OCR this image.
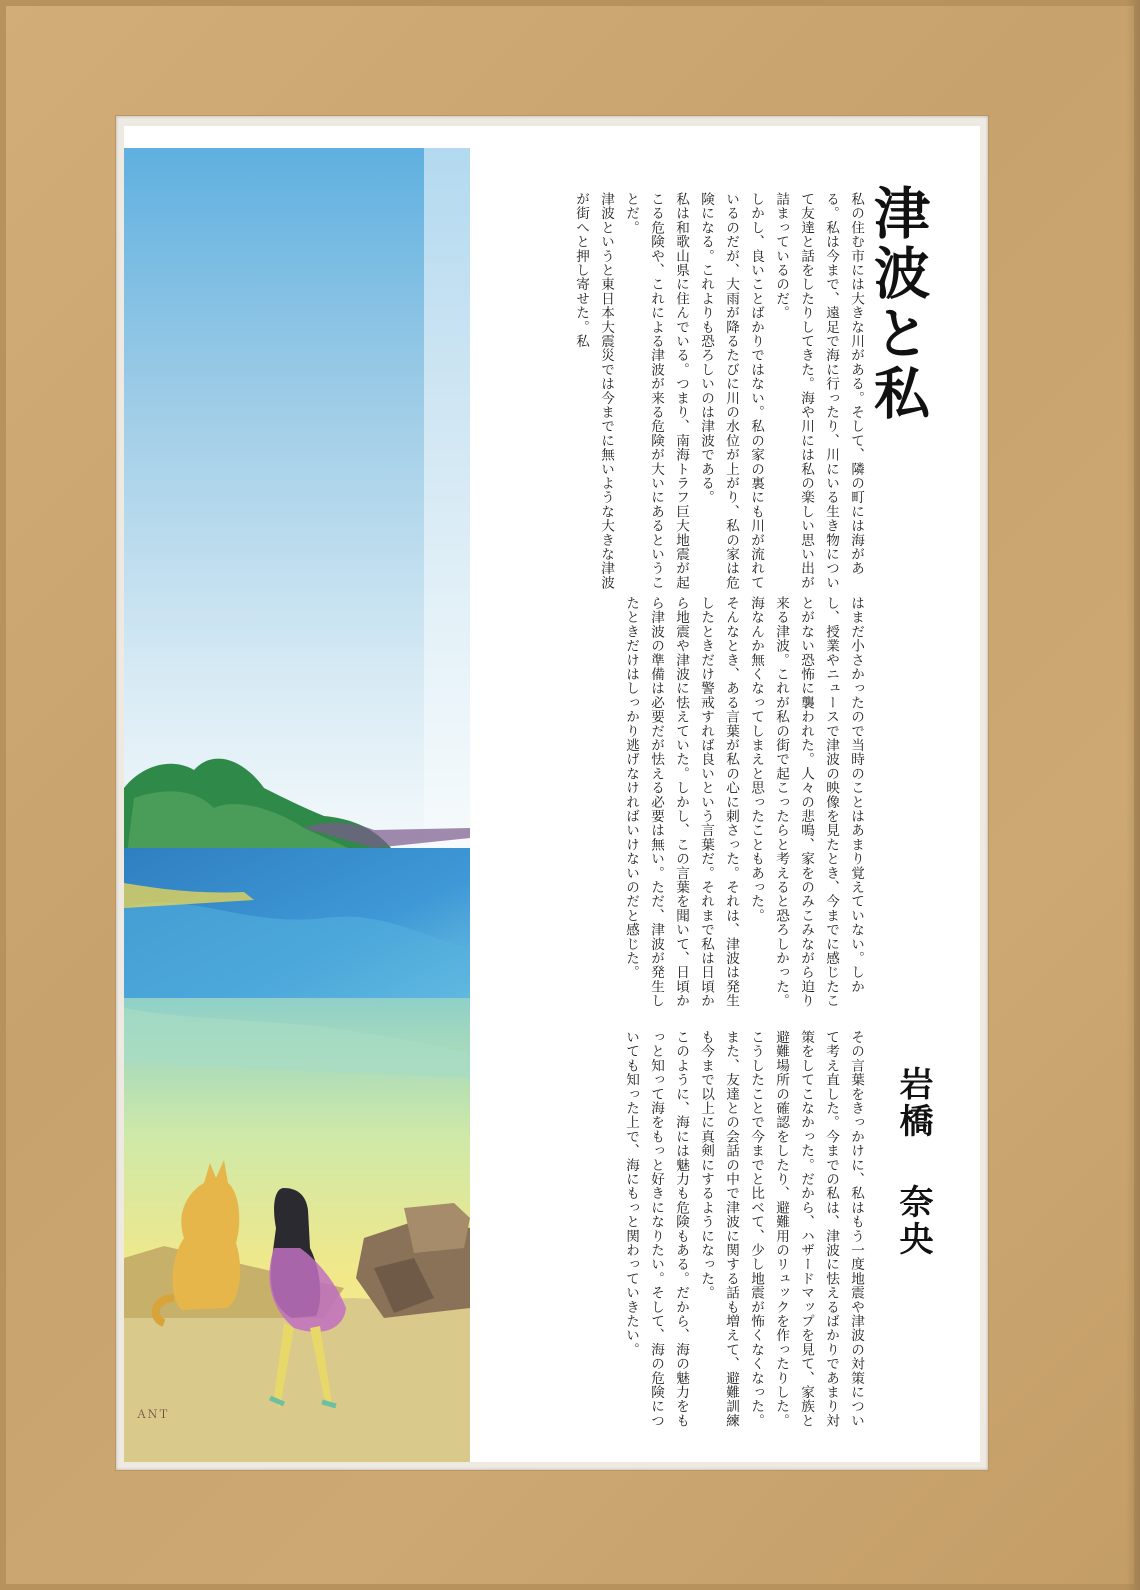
ＡＮＴ
津波と私

私の住む市には大きな川がある。そして、隣の町には海がある。私は今まで、遠足で海に行ったり、川にいる生き物について友達と話をしたりしてきた。海や川には私の楽しい思い出が詰まっているのだ。

しかし、良いことばかりではない。私の家の裏にも川が流れているのだが、大雨が降るたびに川の水位が上がり、私の家は危険になる。これよりも恐ろしいのは津波である。

私は和歌山県に住んでいる。つまり、南海トラフ巨大地震が起こる危険や、これによる津波が来る危険が大いにあるということだ。

津波というと東日本大震災では今までに無いような大きな津波が街へと押し寄せた。私

はまだ小さかったので当時のことはあまり覚えていない。しかし、授業やニュースで津波の映像を見たとき、今までに感じたことがない恐怖に襲われた。人々の悲鳴、家をのみこみながら迫り来る津波。これが私の街で起こったらと考えると恐ろしかった。海なんか無くなってしまえと思ったこともあった。

そんなとき、ある言葉が私の心に刺さった。それは、津波は発生したときだけ警戒すれば良いという言葉だ。それまで私は日頃から地震や津波に怯えていた。しかし、この言葉を聞いて、日頃から津波の準備は必要だが怯える必要は無い。ただ、津波が発生したときだけはしっかり逃げなければいけないのだと感じた。

岩橋奈央

その言葉をきっかけに、私はもう一度地震や津波の対策について考え直した。今までの私は、津波に怯えるばかりであまり対策をしてこなかった。だから、ハザードマップを見て、家族と避難場所の確認をしたり、避難用のリュックを作ったりした。こうしたことで今までと比べて、少し地震が怖くなくなった。また、友達との会話の中で津波に関する話も増えて、避難訓練も今まで以上に真剣にするようになった。

このように、海には魅力も危険もある。だから、海の魅力をもっと知って海をもっと好きになりたい。そして、海の危険についても知った上で、海にもっと関わっていきたい。
